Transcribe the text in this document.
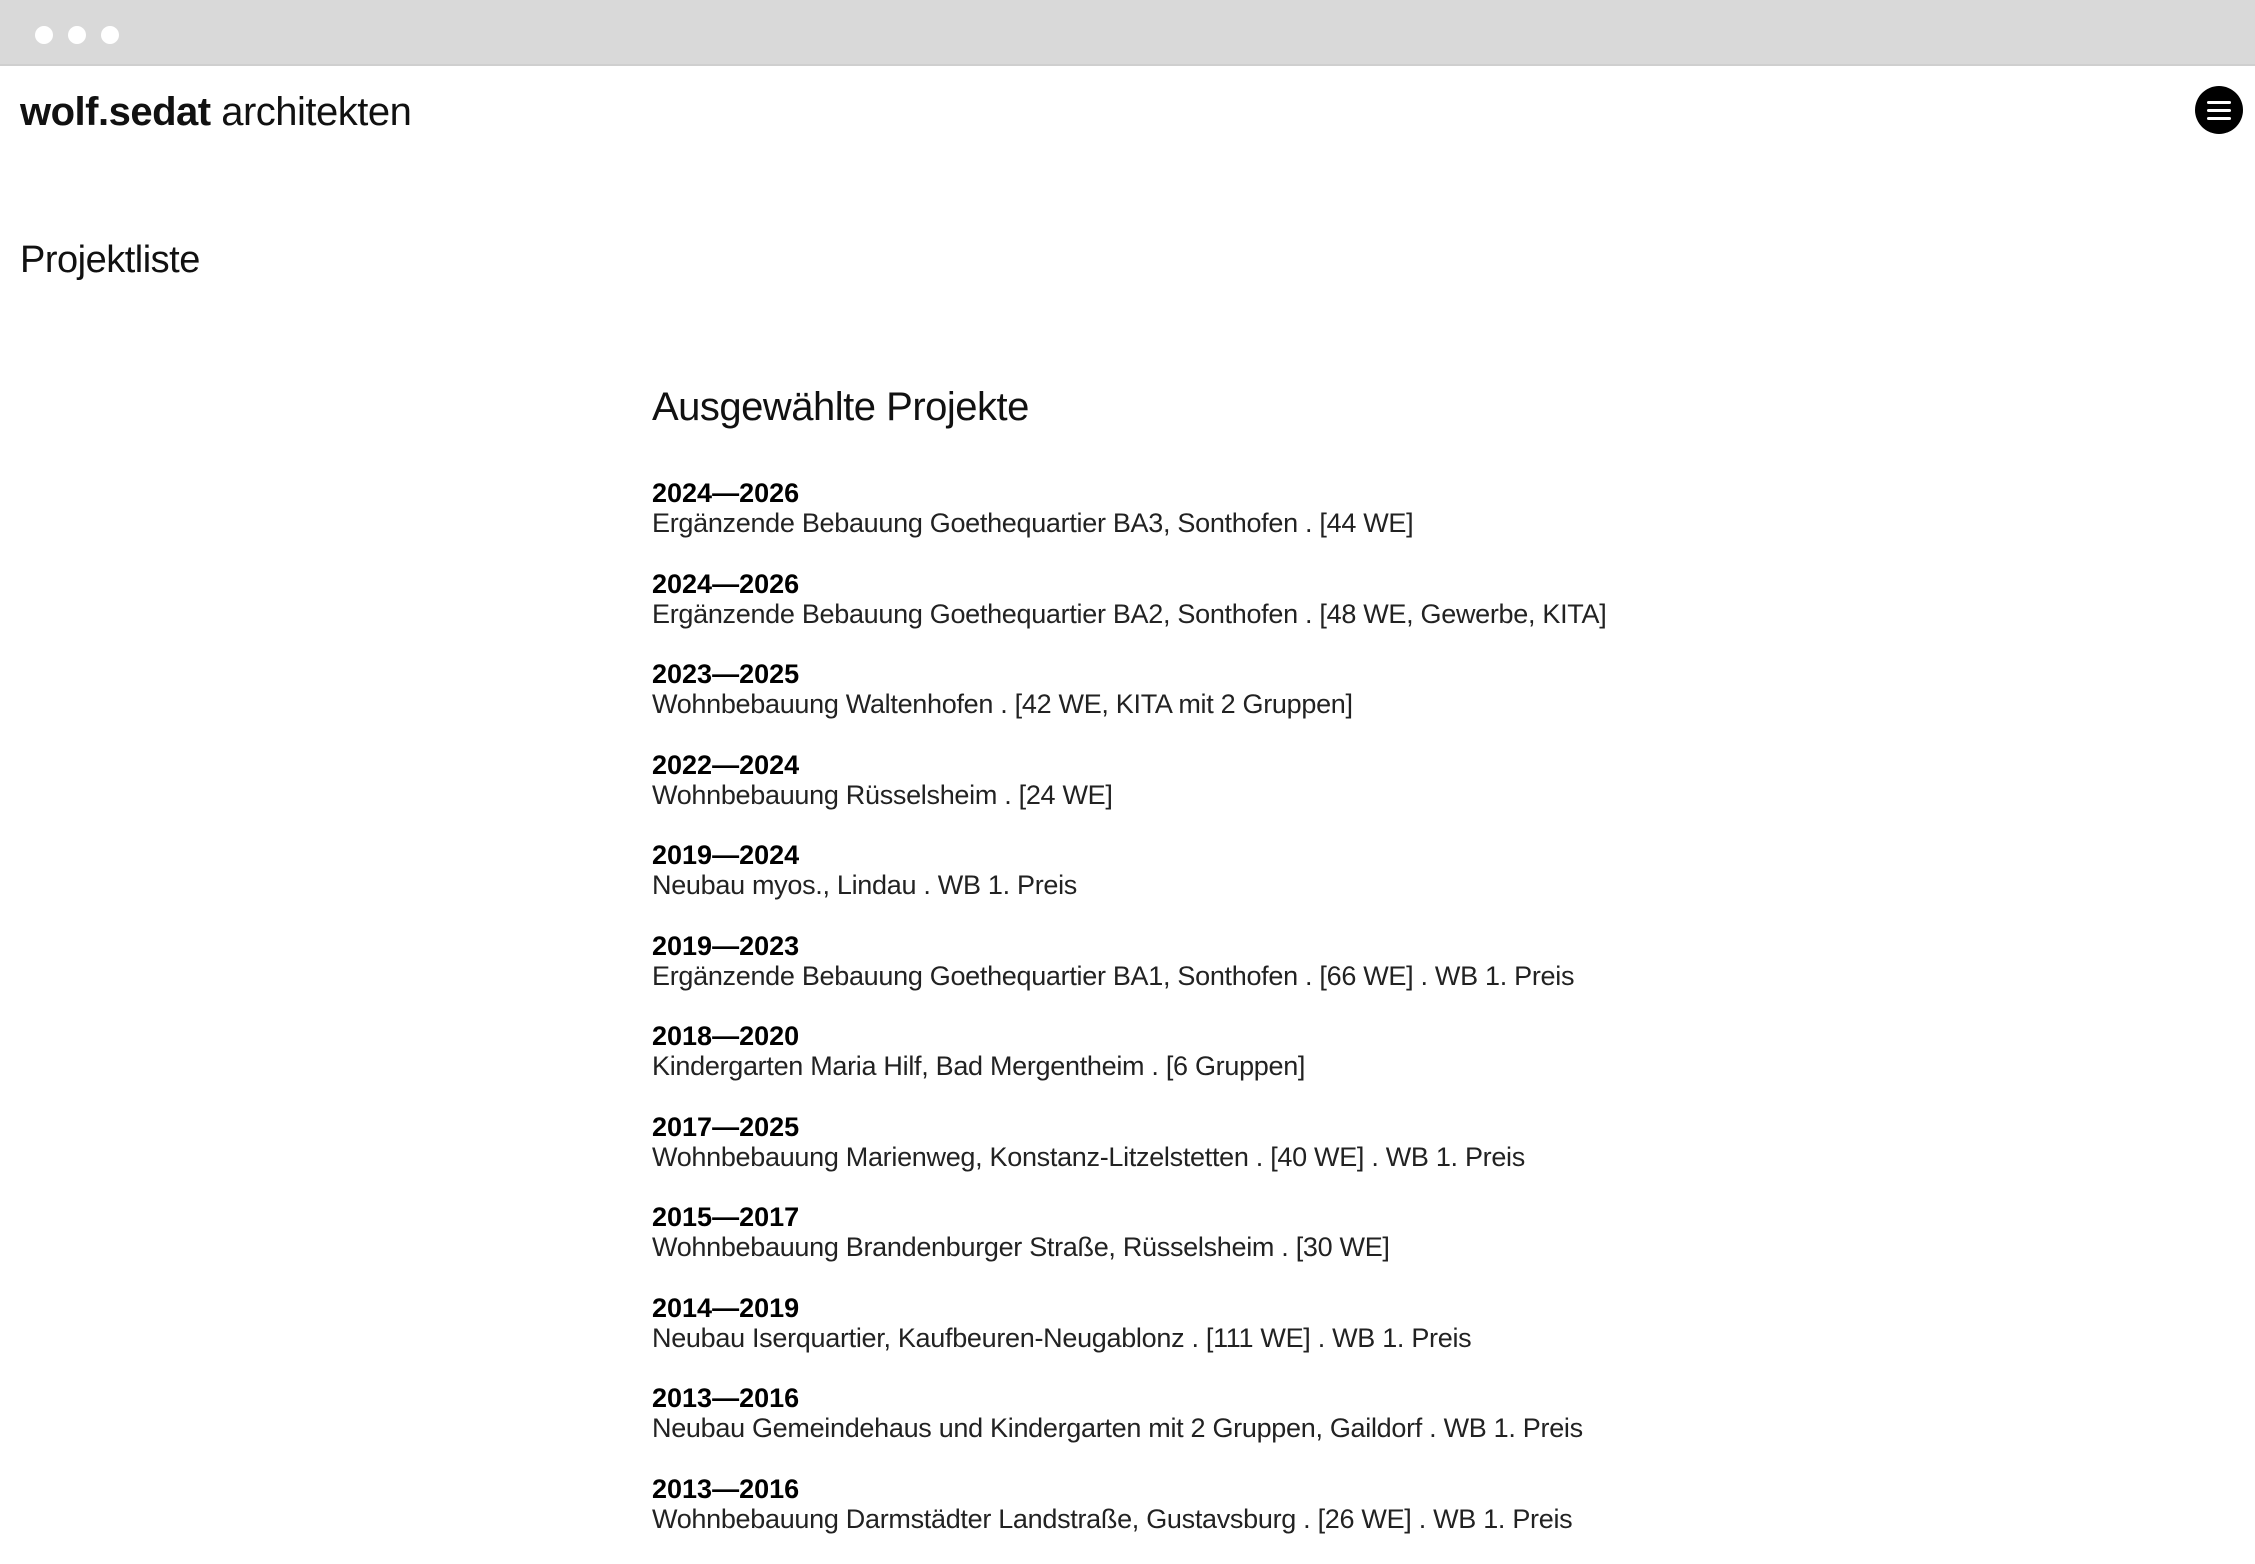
wolf.sedat architekten
Projektliste
Ausgewählte Projekte
2024—2026
Ergänzende Bebauung Goethequartier BA3, Sonthofen . [44 WE]
2024—2026
Ergänzende Bebauung Goethequartier BA2, Sonthofen . [48 WE, Gewerbe, KITA]
2023—2025
Wohnbebauung Waltenhofen . [42 WE, KITA mit 2 Gruppen]
2022—2024
Wohnbebauung Rüsselsheim . [24 WE]
2019—2024
Neubau myos., Lindau . WB 1. Preis
2019—2023
Ergänzende Bebauung Goethequartier BA1, Sonthofen . [66 WE] . WB 1. Preis
2018—2020
Kindergarten Maria Hilf, Bad Mergentheim . [6 Gruppen]
2017—2025
Wohnbebauung Marienweg, Konstanz-Litzelstetten . [40 WE] . WB 1. Preis
2015—2017
Wohnbebauung Brandenburger Straße, Rüsselsheim . [30 WE]
2014—2019
Neubau Iserquartier, Kaufbeuren-Neugablonz . [111 WE] . WB 1. Preis
2013—2016
Neubau Gemeindehaus und Kindergarten mit 2 Gruppen, Gaildorf . WB 1. Preis
2013—2016
Wohnbebauung Darmstädter Landstraße, Gustavsburg . [26 WE] . WB 1. Preis
